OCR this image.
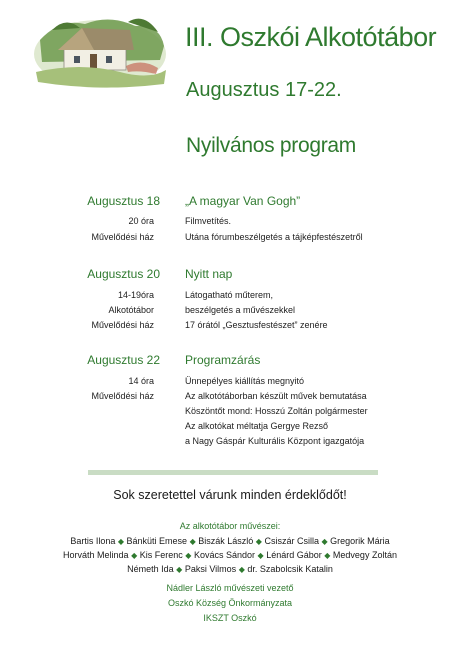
III. Oszkói Alkotótábor
Augusztus 17-22.
Nyilvános program
Augusztus 18 „A magyar Van Gogh”
20 óra	Filmvetítés.
Művelődési ház	Utána fórumbeszélgetés a tájképfestészetről
Augusztus 20 Nyitt nap
14-19óra	Látogatható műterem,
Alkotótábor	beszélgetés a művészekkel
Művelődési ház	17 órától „Gesztusfestészet” zenére
Augusztus 22 Programzárás
14 óra	Ünnepélyes kiállítás megnyitó
Művelődési ház	Az alkotótáborban készült művek bemutatása
Köszöntőt mond: Hosszú Zoltán polgármester
Az alkotókat méltatja Gergye Rezső
a Nagy Gáspár Kulturális Központ igazgatója
Sok szeretettel várunk minden érdeklődőt!
Az alkotótábor művészei:
Bartis Ilona ◆ Bánküti Emese ◆ Biszák László ◆ Csiszár Csilla ◆ Gregorik Mária
Horváth Melinda ◆ Kis Ferenc ◆ Kovács Sándor ◆ Lénárd Gábor ◆ Medvegy Zoltán
Németh Ida ◆ Paksi Vilmos ◆ dr. Szabolcsik Katalin
Nádler László művészeti vezető
Oszkó Község Önkormányzata
IKSZT Oszkó
